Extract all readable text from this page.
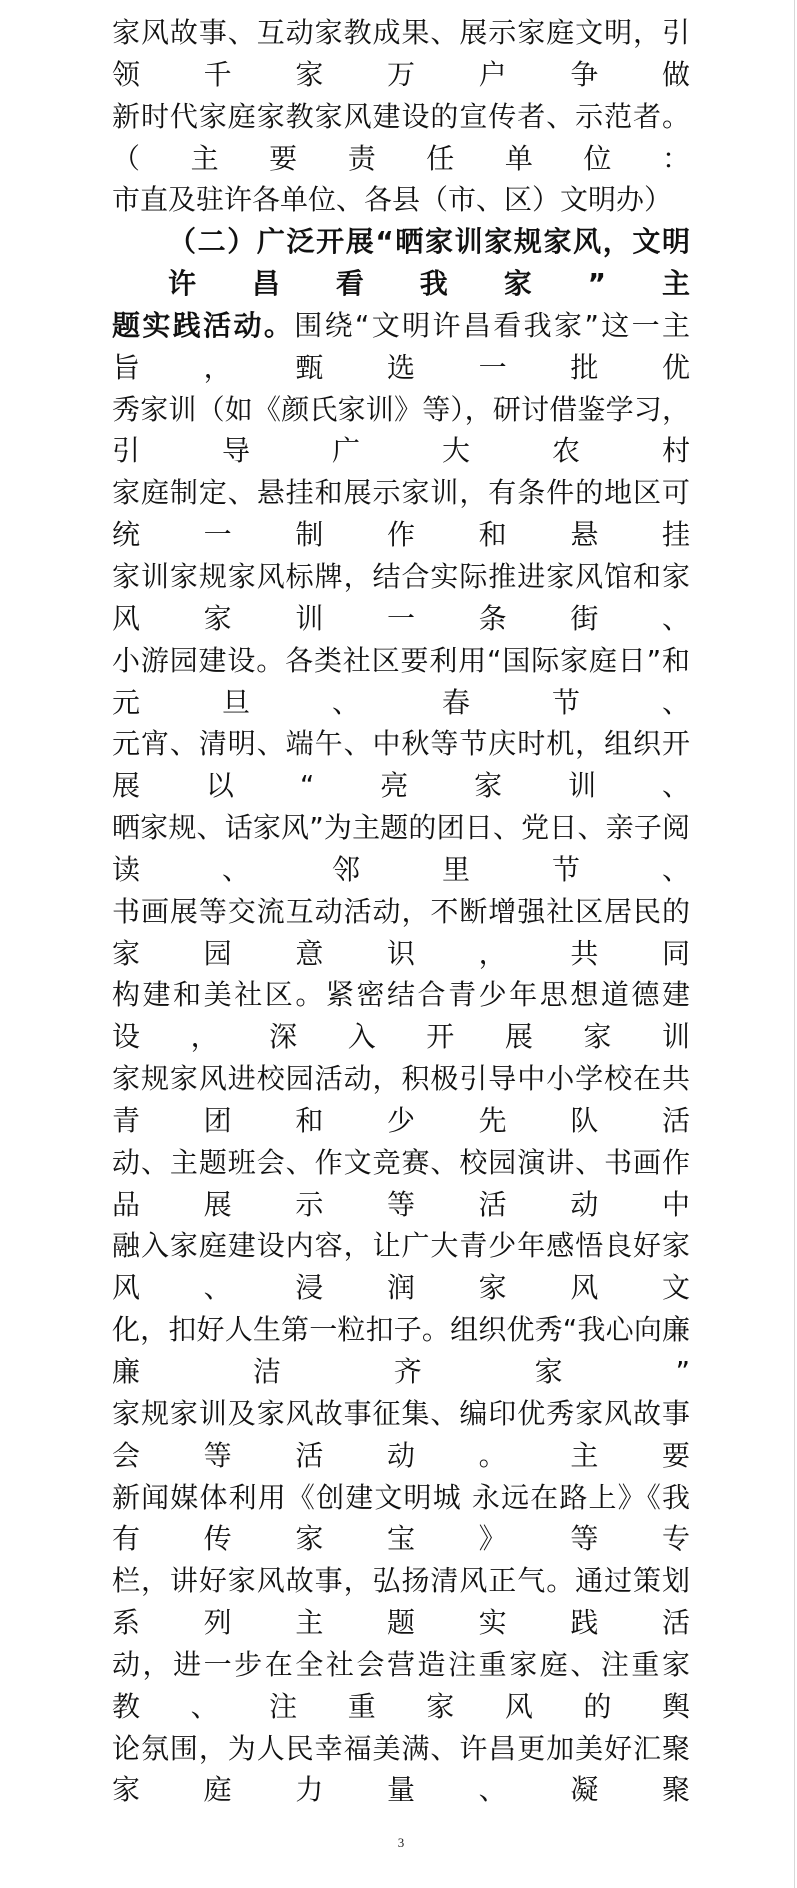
家风故事、互动家教成果、展示家庭文明，引领千家万户争做
新时代家庭家教家风建设的宣传者、示范者。（主要责任单位：
市直及驻许各单位、各县（市、区）文明办）
（二）广泛开展“晒家训家规家风，文明许昌看我家”主
题实践活动。围绕“文明许昌看我家”这一主旨，甄选一批优
秀家训（如《颜氏家训》等），研讨借鉴学习，引导广大农村
家庭制定、悬挂和展示家训，有条件的地区可统一制作和悬挂
家训家规家风标牌，结合实际推进家风馆和家风家训一条街、
小游园建设。各类社区要利用“国际家庭日”和元旦、春节、
元宵、清明、端午、中秋等节庆时机，组织开展以“亮家训、
晒家规、话家风”为主题的团日、党日、亲子阅读、邻里节、
书画展等交流互动活动，不断增强社区居民的家园意识，共同
构建和美社区。紧密结合青少年思想道德建设，深入开展家训
家规家风进校园活动，积极引导中小学校在共青团和少先队活
动、主题班会、作文竞赛、校园演讲、书画作品展示等活动中
融入家庭建设内容，让广大青少年感悟良好家风、浸润家风文
化，扣好人生第一粒扣子。组织优秀“我心向廉 廉洁齐家”
家规家训及家风故事征集、编印优秀家风故事会等活动。主要
新闻媒体利用《创建文明城 永远在路上》《我有传家宝》等专
栏，讲好家风故事，弘扬清风正气。通过策划系列主题实践活
动，进一步在全社会营造注重家庭、注重家教、注重家风的舆
论氛围，为人民幸福美满、许昌更加美好汇聚家庭力量、凝聚
3
